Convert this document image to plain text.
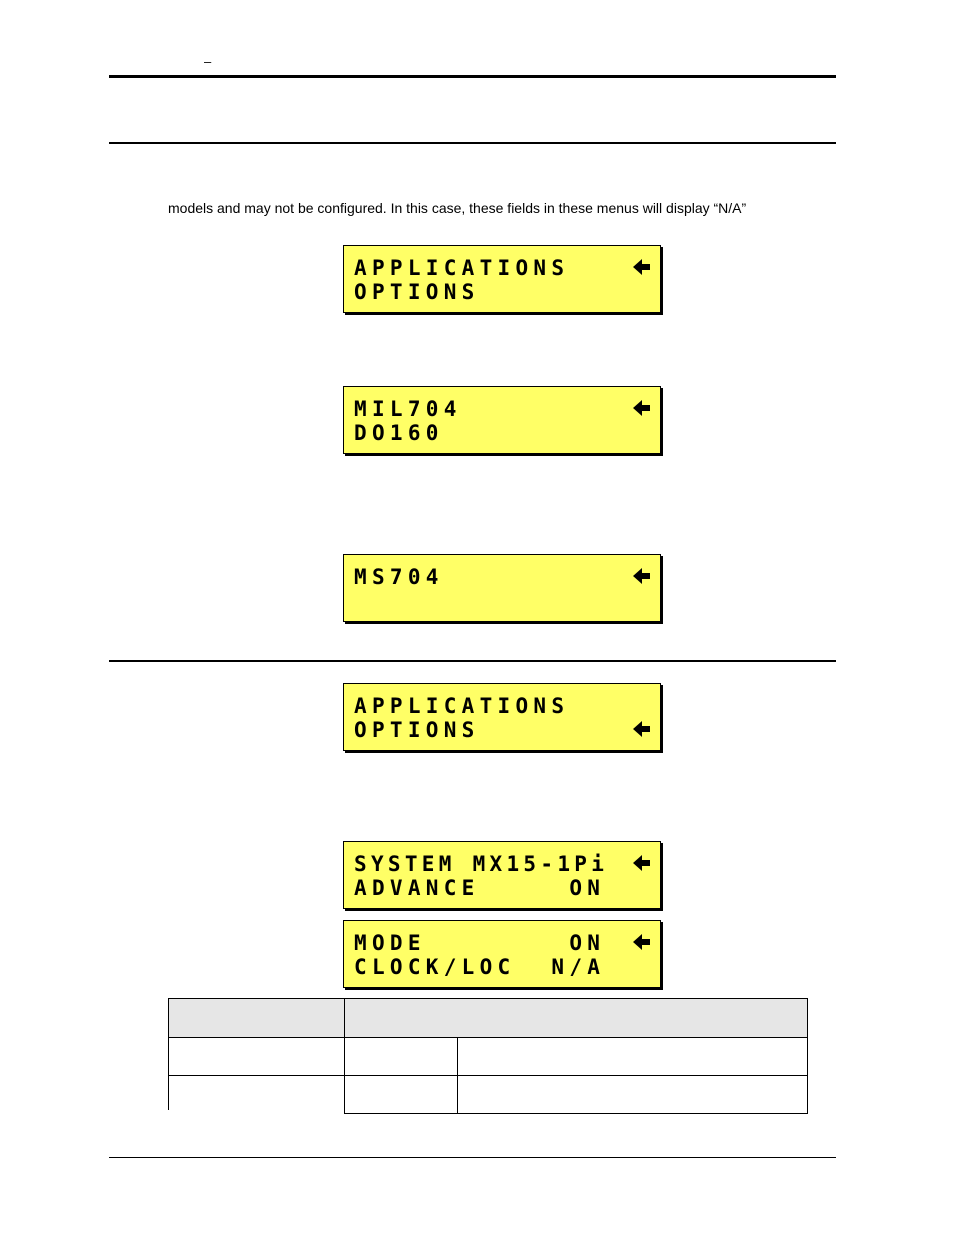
–
models and may not be configured. In this case, these fields in these menus will display “N/A”
APPLICATIONS
OPTIONS
MIL704
DO160
MS704
APPLICATIONS
OPTIONS
SYSTEM MX15-1Pi
ADVANCE     ON
MODE        ON
CLOCK/LOC  N/A
